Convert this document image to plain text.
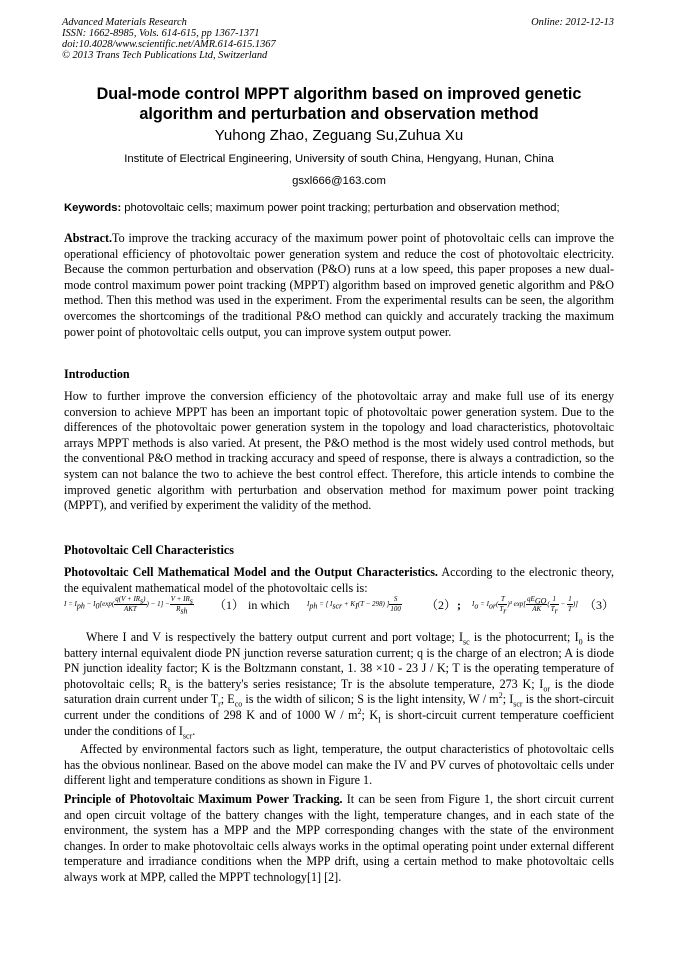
Advanced Materials Research
ISSN: 1662-8985, Vols. 614-615, pp 1367-1371
doi:10.4028/www.scientific.net/AMR.614-615.1367
© 2013 Trans Tech Publications Ltd, Switzerland
Online: 2012-12-13
Dual-mode control MPPT algorithm based on improved genetic
algorithm and perturbation and observation method
Yuhong Zhao, Zeguang Su,Zuhua Xu
Institute of Electrical Engineering, University of south China, Hengyang, Hunan, China
gsxl666@163.com
Keywords: photovoltaic cells; maximum power point tracking; perturbation and observation method;
Abstract.To improve the tracking accuracy of the maximum power point of photovoltaic cells can improve the operational efficiency of photovoltaic power generation system and reduce the cost of photovoltaic electricity. Because the common perturbation and observation (P&O) runs at a low speed, this paper proposes a new dual-mode control maximum power point tracking (MPPT) algorithm based on improved genetic algorithm and P&O method. Then this method was used in the experiment. From the experimental results can be seen, the algorithm overcomes the shortcomings of the traditional P&O method can quickly and accurately tracking the maximum power point of photovoltaic cells output, you can improve system output power.
Introduction
How to further improve the conversion efficiency of the photovoltaic array and make full use of its energy conversion to achieve MPPT has been an important topic of photovoltaic power generation system. Due to the differences of the photovoltaic power generation system in the topology and load characteristics, photovoltaic arrays MPPT methods is also varied. At present, the P&O method is the most widely used control methods, but the conventional P&O method in tracking accuracy and speed of response, there is always a contradiction, so the system can not balance the two to achieve the best control effect. Therefore, this article intends to combine the improved genetic algorithm with perturbation and observation method for maximum power point tracking (MPPT), and verified by experiment the validity of the method.
Photovoltaic Cell Characteristics
Photovoltaic Cell Mathematical Model and the Output Characteristics. According to the electronic theory, the equivalent mathematical model of the photovoltaic cells is:
$I = I_{ph} - I_0[\exp( \frac{q(V + IR_s)}{\text{AKT}}$ ) − $1] - \frac{V + IR_s}{R_{sh}} (1)$ in which $I_{ph}$ = [ $I_{scr} + K_I(T - 298)$ ] $\frac{S}{100} (2)$ ; $I_o = I_{or}( \frac{T}{T_r} )^3$ $\exp[ \frac{qE_{GO}}{AK}$ ( $\frac{1}{T_r} - \frac{1}{T}$ )] （3）
Where I and V is respectively the battery output current and port voltage; $I_{sc}$ is the photocurrent; $I_0$ is the battery internal equivalent diode PN junction reverse saturation current; q is the charge of an electron; A is diode PN junction ideality factor; K is the Boltzmann constant, 1. 38 ×10 - 23 J / K; T is the operating temperature of photovoltaic cells; $R_s$ is the battery's series resistance; Tr is the absolute temperature, 273 K; $I_{or}$ is the diode saturation drain current under $T_r$; $E_{co}$ is the width of silicon; S is the light intensity, W / $m^2$; $I_{scr}$ is the short-circuit current under the conditions of 298 K and of 1000 W / $m^2$; $K_I$ is short-circuit current temperature coefficient under the conditions of $I_{scr}$.
Affected by environmental factors such as light, temperature, the output characteristics of photovoltaic cells has the obvious nonlinear. Based on the above model can make the IV and PV curves of photovoltaic cells under different light and temperature conditions as shown in Figure 1.
Principle of Photovoltaic Maximum Power Tracking. It can be seen from Figure 1, the short circuit current and open circuit voltage of the battery changes with the light, temperature changes, and in each state of the environment, the system has a MPP and the MPP corresponding changes with the state of the environment changes. In order to make photovoltaic cells always works in the optimal operating point under external different temperature and irradiance conditions when the MPP drift, using a certain method to make photovoltaic cells always work at MPP, called the MPPT technology[1] [2].
